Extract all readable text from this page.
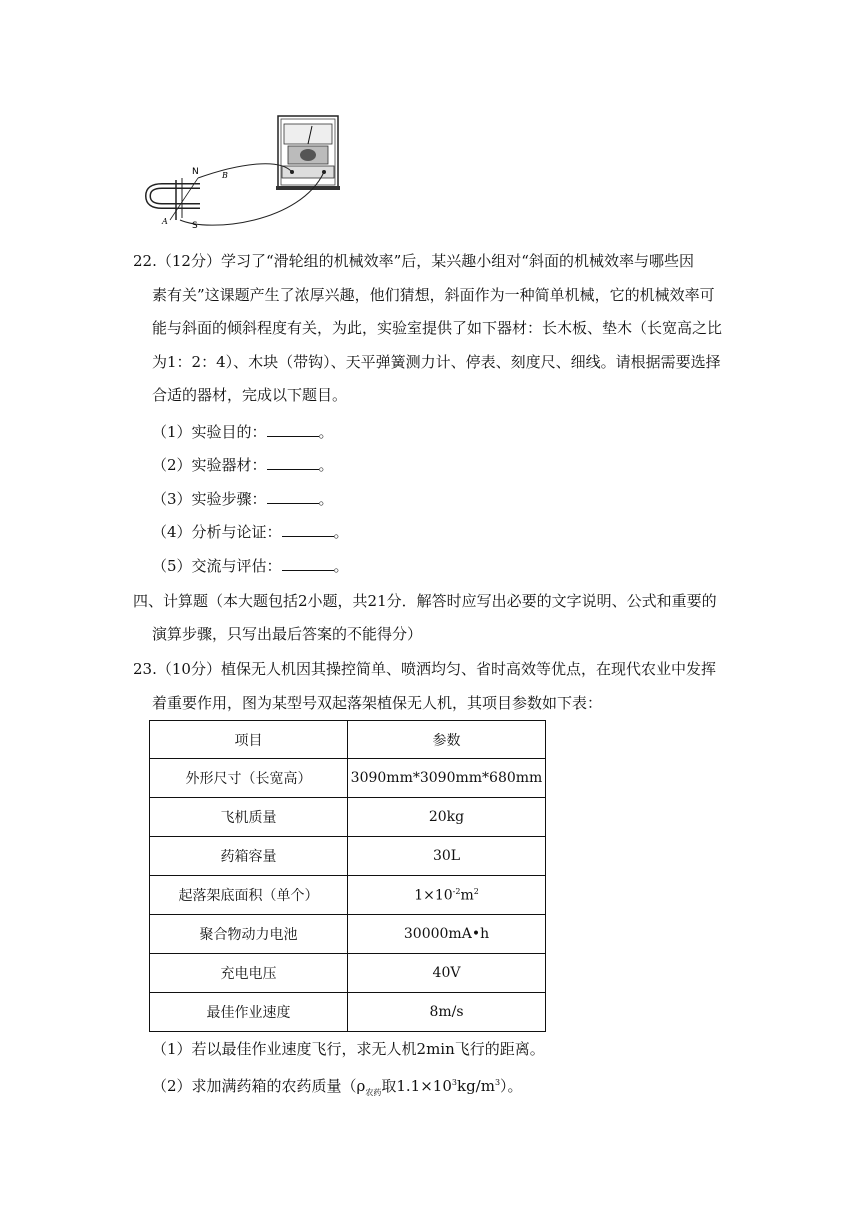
N
S
A
B
22.（12分）学习了“滑轮组的机械效率”后，某兴趣小组对“斜面的机械效率与哪些因
素有关”这课题产生了浓厚兴趣，他们猜想，斜面作为一种简单机械，它的机械效率可
能与斜面的倾斜程度有关，为此，实验室提供了如下器材：长木板、垫木（长宽高之比
为1：2：4）、木块（带钩）、天平弹簧测力计、停表、刻度尺、细线。请根据需要选择
合适的器材，完成以下题目。
（1）实验目的：	。
（2）实验器材：	。
（3）实验步骤：	。
（4）分析与论证：	。
（5）交流与评估：	。
四、计算题（本大题包括2小题，共21分．解答时应写出必要的文字说明、公式和重要的
演算步骤，只写出最后答案的不能得分）
23.（10分）植保无人机因其操控简单、喷洒均匀、省时高效等优点，在现代农业中发挥
着重要作用，图为某型号双起落架植保无人机，其项目参数如下表：
项目	参数
外形尺寸（长宽高）	3090mm*3090mm*680mm
飞机质量	20kg
药箱容量	30L
起落架底面积（单个）	$1\times 10^{-2}m^2$
聚合物动力电池	30000mA•h
充电电压	40V
最佳作业速度	8m/s
（1）若以最佳作业速度飞行，求无人机2min飞行的距离。
（2）求加满药箱的农药质量（$\rho_{农药}$取$1.1\times 10^3kg/m^3$）。
